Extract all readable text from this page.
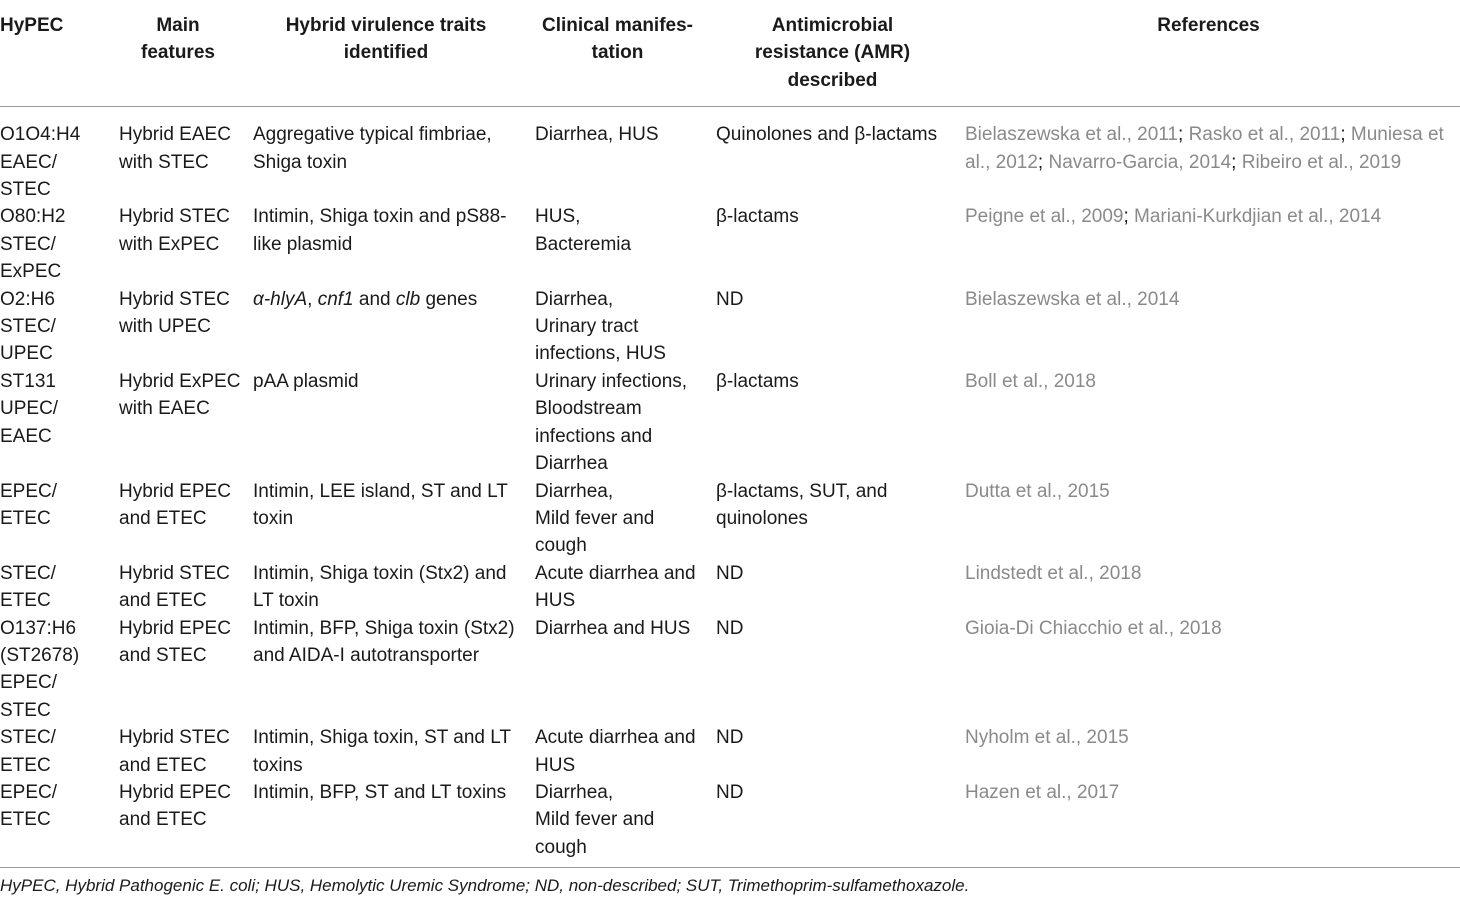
HyPEC	Main features	Hybrid virulence traits identified	Clinical manifes-tation	Antimicrobial resistance (AMR) described	References

O1O4:H4
EAEC/
STEC	Hybrid EAEC with STEC	Aggregative typical fimbriae, Shiga toxin	Diarrhea, HUS	Quinolones and β-lactams	Bielaszewska et al., 2011; Rasko et al., 2011; Muniesa et al., 2012; Navarro-Garcia, 2014; Ribeiro et al., 2019

O80:H2
STEC/
ExPEC	Hybrid STEC with ExPEC	Intimin, Shiga toxin and pS88-like plasmid	HUS,
Bacteremia	β-lactams	Peigne et al., 2009; Mariani-Kurkdjian et al., 2014

O2:H6
STEC/
UPEC	Hybrid STEC with UPEC	α-hlyA, cnf1 and clb genes	Diarrhea,
Urinary tract infections, HUS	ND	Bielaszewska et al., 2014

ST131
UPEC/
EAEC	Hybrid ExPEC with EAEC	pAA plasmid	Urinary infections, Bloodstream infections and Diarrhea	β-lactams	Boll et al., 2018

EPEC/
ETEC	Hybrid EPEC and ETEC	Intimin, LEE island, ST and LT toxin	Diarrhea,
Mild fever and cough	β-lactams, SUT, and quinolones	Dutta et al., 2015

STEC/
ETEC	Hybrid STEC and ETEC	Intimin, Shiga toxin (Stx2) and LT toxin	Acute diarrhea and HUS	ND	Lindstedt et al., 2018

O137:H6
(ST2678)
EPEC/
STEC	Hybrid EPEC and STEC	Intimin, BFP, Shiga toxin (Stx2) and AIDA-I autotransporter	Diarrhea and HUS	ND	Gioia-Di Chiacchio et al., 2018

STEC/
ETEC	Hybrid STEC and ETEC	Intimin, Shiga toxin, ST and LT toxins	Acute diarrhea and HUS	ND	Nyholm et al., 2015

EPEC/
ETEC	Hybrid EPEC and ETEC	Intimin, BFP, ST and LT toxins	Diarrhea,
Mild fever and cough	ND	Hazen et al., 2017
HyPEC, Hybrid Pathogenic E. coli; HUS, Hemolytic Uremic Syndrome; ND, non-described; SUT, Trimethoprim-sulfamethoxazole.
